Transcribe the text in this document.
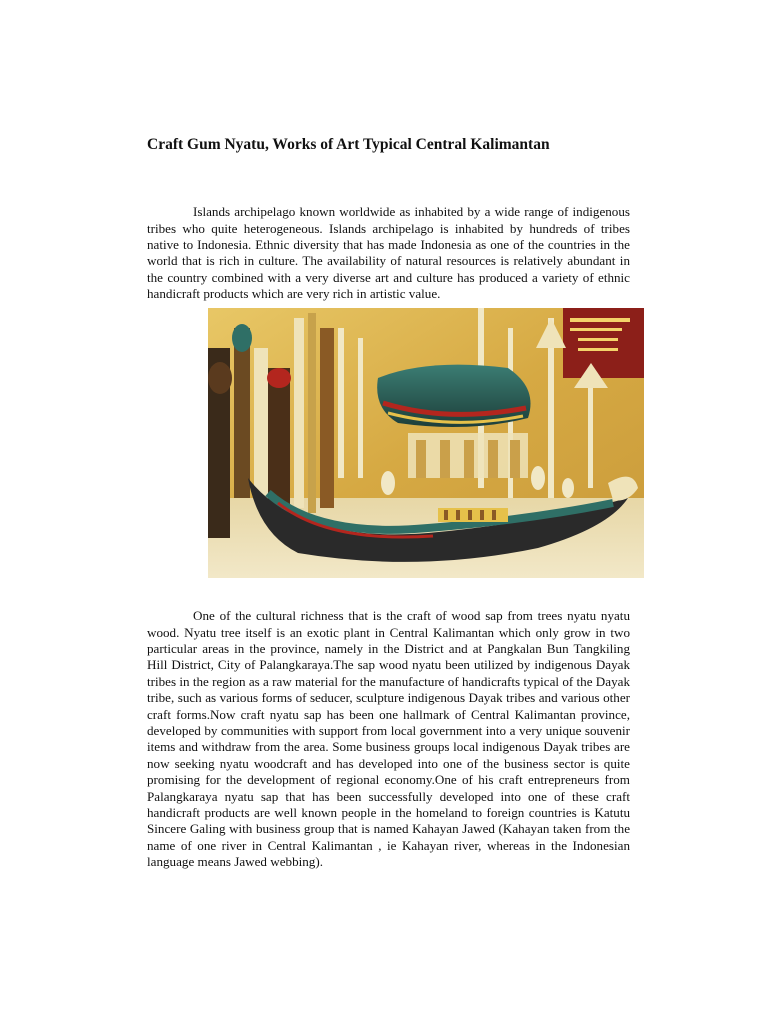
Craft Gum Nyatu, Works of Art Typical Central Kalimantan

Islands archipelago known worldwide as inhabited by a wide range of indigenous tribes who quite heterogeneous. Islands archipelago is inhabited by hundreds of tribes native to Indonesia. Ethnic diversity that has made Indonesia as one of the countries in the world that is rich in culture. The availability of natural resources is relatively abundant in the country combined with a very diverse art and culture has produced a variety of ethnic handicraft products which are very rich in artistic value.

One of the cultural richness that is the craft of wood sap from trees nyatu nyatu wood. Nyatu tree itself is an exotic plant in Central Kalimantan which only grow in two particular areas in the province, namely in the District and at Pangkalan Bun Tangkiling Hill District, City of Palangkaraya.The sap wood nyatu been utilized by indigenous Dayak tribes in the region as a raw material for the manufacture of handicrafts typical of the Dayak tribe, such as various forms of seducer, sculpture indigenous Dayak tribes and various other craft forms.Now craft nyatu sap has been one hallmark of Central Kalimantan province, developed by communities with support from local government into a very unique souvenir items and withdraw from the area. Some business groups local indigenous Dayak tribes are now seeking nyatu woodcraft and has developed into one of the business sector is quite promising for the development of regional economy.One of his craft entrepreneurs from Palangkaraya nyatu sap that has been successfully developed into one of these craft handicraft products are well known people in the homeland to foreign countries is Katutu Sincere Galing with business group that is named Kahayan Jawed (Kahayan taken from the name of one river in Central Kalimantan , ie Kahayan river, whereas in the Indonesian language means Jawed webbing).
